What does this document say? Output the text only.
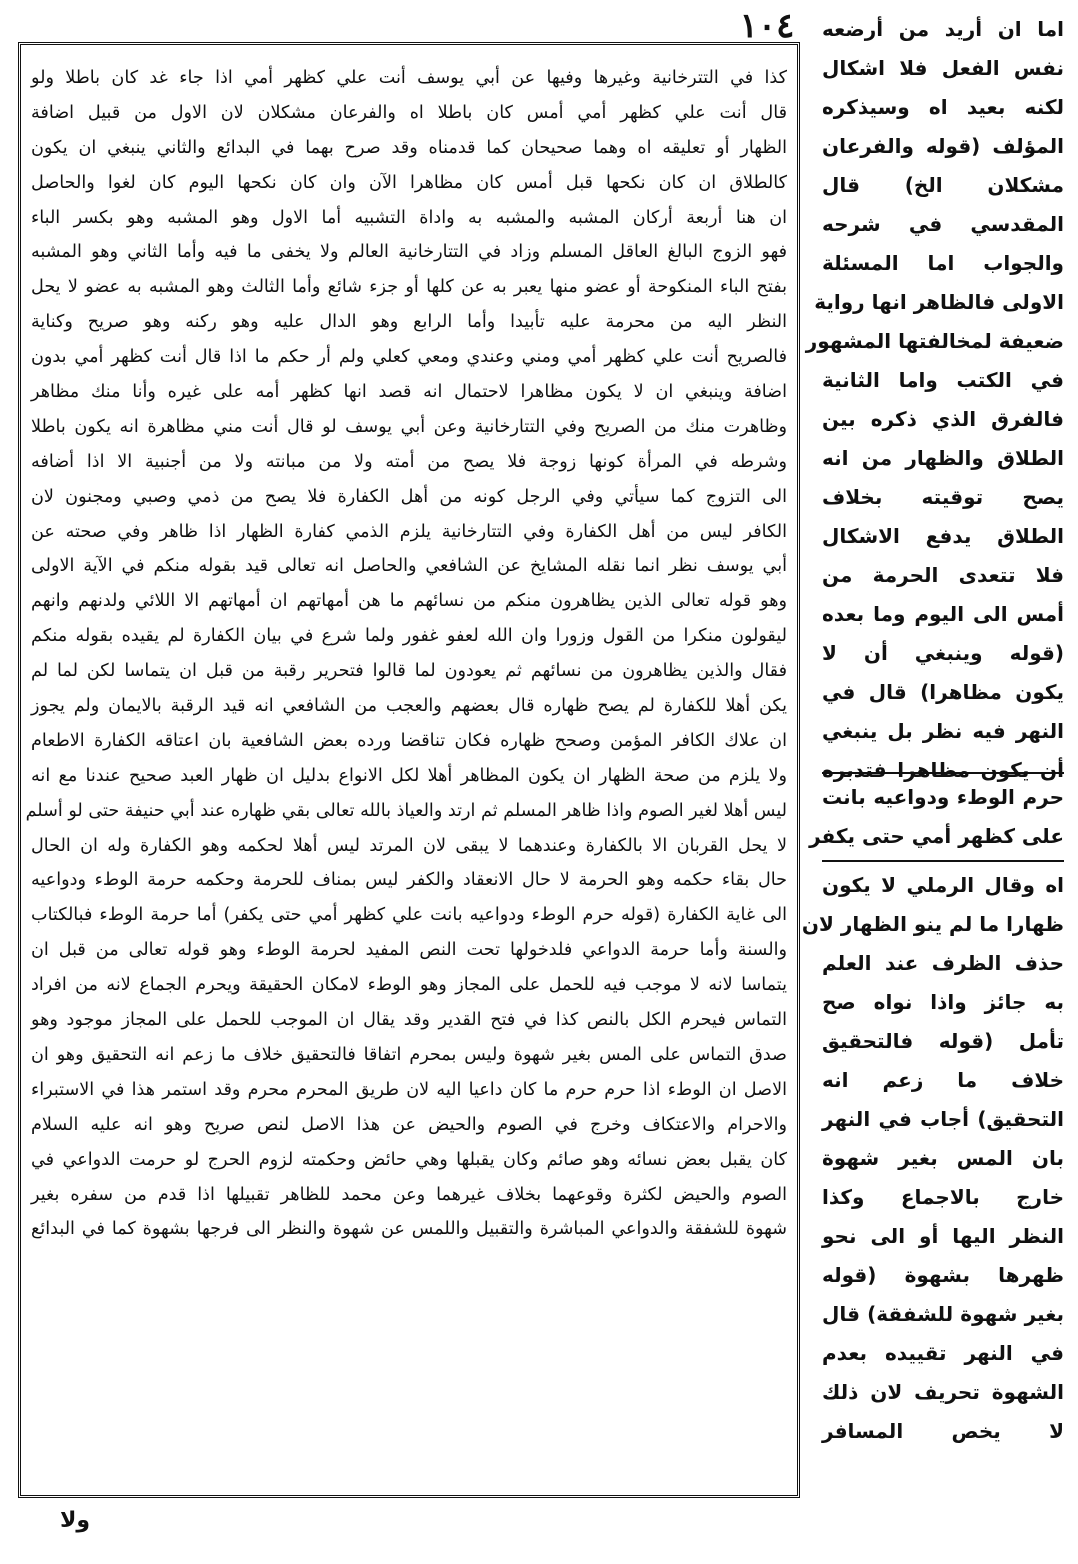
١٠٤
كذا في التترخانية وغيرها وفيها عن أبي يوسف أنت علي كظهر أمي اذا جاء غد كان باطلا ولو
قال أنت علي كظهر أمي أمس كان باطلا اه والفرعان مشكلان لان الاول من قبيل اضافة
الظهار أو تعليقه اه وهما صحيحان كما قدمناه وقد صرح بهما في البدائع والثاني ينبغي ان يكون
كالطلاق ان كان نكحها قبل أمس كان مظاهرا الآن وان كان نكحها اليوم كان لغوا والحاصل
ان هنا أربعة أركان المشبه والمشبه به واداة التشبيه أما الاول وهو المشبه وهو بكسر الباء
فهو الزوج البالغ العاقل المسلم وزاد في التتارخانية العالم ولا يخفى ما فيه وأما الثاني وهو المشبه
بفتح الباء المنكوحة أو عضو منها يعبر به عن كلها أو جزء شائع وأما الثالث وهو المشبه به عضو لا يحل
النظر اليه من محرمة عليه تأبيدا وأما الرابع وهو الدال عليه وهو ركنه وهو صريح وكناية
فالصريح أنت علي كظهر أمي ومني وعندي ومعي كعلي ولم أر حكم ما اذا قال أنت كظهر أمي بدون
اضافة وينبغي ان لا يكون مظاهرا لاحتمال انه قصد انها كظهر أمه على غيره وأنا منك مظاهر
وظاهرت منك من الصريح وفي التتارخانية وعن أبي يوسف لو قال أنت مني مظاهرة انه يكون باطلا
وشرطه في المرأة كونها زوجة فلا يصح من أمته ولا من مبانته ولا من أجنبية الا اذا أضافه
الى التزوج كما سيأتي وفي الرجل كونه من أهل الكفارة فلا يصح من ذمي وصبي ومجنون لان
الكافر ليس من أهل الكفارة وفي التتارخانية يلزم الذمي كفارة الظهار اذا ظاهر وفي صحته عن
أبي يوسف نظر انما نقله المشايخ عن الشافعي والحاصل انه تعالى قيد بقوله منكم في الآية الاولى
وهو قوله تعالى الذين يظاهرون منكم من نسائهم ما هن أمهاتهم ان أمهاتهم الا اللائي ولدنهم وانهم
ليقولون منكرا من القول وزورا وان الله لعفو غفور ولما شرع في بيان الكفارة لم يقيده بقوله منكم
فقال والذين يظاهرون من نسائهم ثم يعودون لما قالوا فتحرير رقبة من قبل ان يتماسا لكن لما لم
يكن أهلا للكفارة لم يصح ظهاره قال بعضهم والعجب من الشافعي انه قيد الرقبة بالايمان ولم يجوز
ان علاك الكافر المؤمن وصحح ظهاره فكان تناقضا ورده بعض الشافعية بان اعتاقه الكفارة الاطعام
ولا يلزم من صحة الظهار ان يكون المظاهر أهلا لكل الانواع بدليل ان ظهار العبد صحيح عندنا مع انه
ليس أهلا لغير الصوم واذا ظاهر المسلم ثم ارتد والعياذ بالله تعالى بقي ظهاره عند أبي حنيفة حتى لو أسلم
لا يحل القربان الا بالكفارة وعندهما لا يبقى لان المرتد ليس أهلا لحكمه وهو الكفارة وله ان الحال
حال بقاء حكمه وهو الحرمة لا حال الانعقاد والكفر ليس بمناف للحرمة وحكمه حرمة الوطء ودواعيه
الى غاية الكفارة (قوله حرم الوطء ودواعيه بانت علي كظهر أمي حتى يكفر) أما حرمة الوطء فبالكتاب
والسنة وأما حرمة الدواعي فلدخولها تحت النص المفيد لحرمة الوطء وهو قوله تعالى من قبل ان
يتماسا لانه لا موجب فيه للحمل على المجاز وهو الوطء لامكان الحقيقة ويحرم الجماع لانه من افراد
التماس فيحرم الكل بالنص كذا في فتح القدير وقد يقال ان الموجب للحمل على المجاز موجود وهو
صدق التماس على المس بغير شهوة وليس بمحرم اتفاقا فالتحقيق خلاف ما زعم انه التحقيق وهو ان
الاصل ان الوطء اذا حرم حرم ما كان داعيا اليه لان طريق المحرم محرم وقد استمر هذا في الاستبراء
والاحرام والاعتكاف وخرج في الصوم والحيض عن هذا الاصل لنص صريح وهو انه عليه السلام
كان يقبل بعض نسائه وهو صائم وكان يقبلها وهي حائض وحكمته لزوم الحرج لو حرمت الدواعي في
الصوم والحيض لكثرة وقوعهما بخلاف غيرهما وعن محمد للظاهر تقبيلها اذا قدم من سفره بغير
شهوة للشفقة والدواعي المباشرة والتقبيل واللمس عن شهوة والنظر الى فرجها بشهوة كما في البدائع
اما ان أريد من أرضعه
نفس الفعل فلا اشكال
لكنه بعيد اه وسيذكره
المؤلف (قوله والفرعان
مشكلان الخ) قال
المقدسي في شرحه
والجواب اما المسئلة
الاولى فالظاهر انها رواية
ضعيفة لمخالفتها المشهور
في الكتب واما الثانية
فالفرق الذي ذكره بين
الطلاق والظهار من انه
يصح توقيته بخلاف
الطلاق يدفع الاشكال
فلا تتعدى الحرمة من
أمس الى اليوم وما بعده
(قوله وينبغي أن لا
يكون مظاهرا) قال في
النهر فيه نظر بل ينبغي
أن يكون مظاهرا فتدبره
حرم الوطء ودواعيه بانت
على كظهر أمي حتى يكفر
اه وقال الرملي لا يكون
ظهارا ما لم ينو الظهار لان
حذف الظرف عند العلم
به جائز واذا نواه صح
تأمل (قوله فالتحقيق
خلاف ما زعم انه
التحقيق) أجاب في النهر
بان المس بغير شهوة
خارج بالاجماع وكذا
النظر اليها أو الى نحو
ظهرها بشهوة (قوله
بغير شهوة للشفقة) قال
في النهر تقييده بعدم
الشهوة تحريف لان ذلك
لا يخص المسافر
ولا
